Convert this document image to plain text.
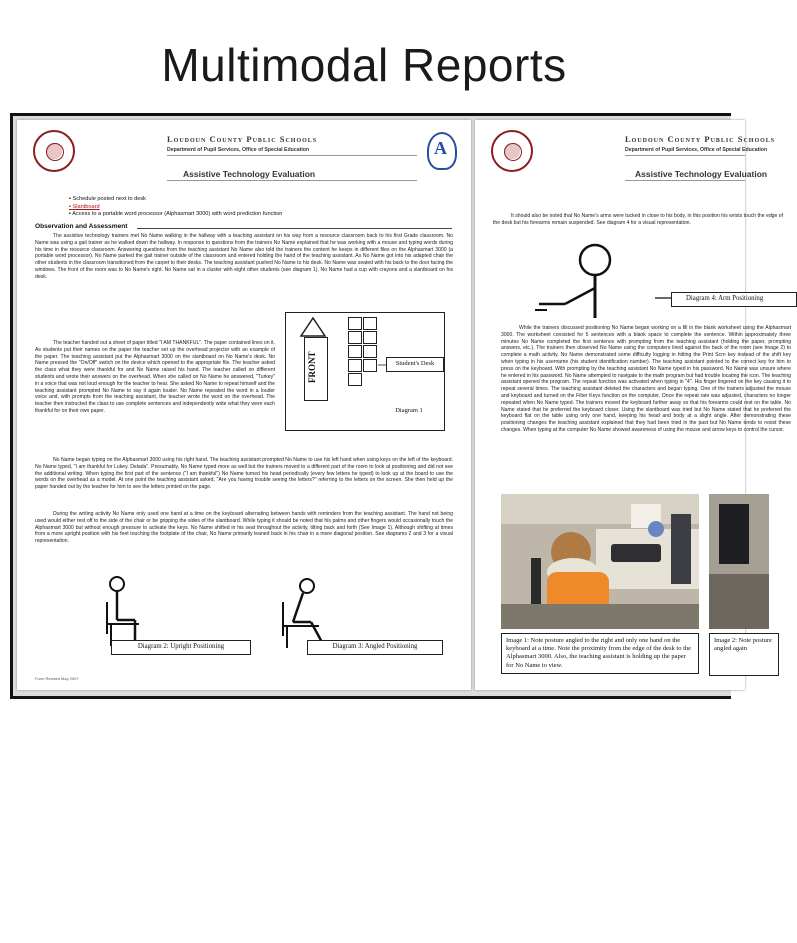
Multimodal Reports
A
Loudoun County Public Schools
Department of Pupil Services, Office of Special Education
Assistive Technology Evaluation
▪ Schedule posted next to desk
▪ Slantboard
▪ Access to a portable word processor (Alphasmart 3000) with word prediction function
Observation and Assessment

The assistive technology trainers met No Name walking in the hallway with a teaching assistant on his way from a resource classroom back to his first Grade classroom. No Name was using a gait trainer as he walked down the hallway. In response to questions from the trainers No Name explained that he was working with a mouse and typing words during his time in the resource classroom. Answering questions from the teaching assistant No Name also told the trainers the content he keeps in different files on the Alphasmart 3000 (a portable word processor). No Name parked the gait trainer outside of the classroom and entered holding the hand of the teaching assistant. As No Name got into his adapted chair the other students in the classroom transitioned from the carpet to their desks. The teaching assistant pushed No Name to his desk. No Name was seated with his back to the door facing the windows. The front of the room was to No Name's right. No Name sat in a cluster with eight other students (see diagram 1). No Name had a cup with crayons and a slantboard on his desk.

The teacher handed out a sheet of paper titled "I AM THANKFUL". The paper contained lines on it. As students put their names on the paper the teacher set up the overhead projector with an example of the paper. The teaching assistant put the Alphasmart 3000 on the slantboard on No Name's desk. No Name pressed the "On/Off" switch on the device which opened to the appropriate file. The teacher asked the class what they were thankful for and No Name raised his hand. The teacher called on different students and wrote their answers on the overhead. When she called on No Name he answered, "Turkey" in a voice that was not loud enough for the teacher to hear. She asked No Name to repeat himself and the teaching assistant prompted No Name to say it again louder. No Name repeated the word in a louder voice and, with prompts from the teaching assistant, the teacher wrote the word on the overhead. The teacher then instructed the class to use complete sentences and independently write what they were each thankful for on their own paper.

FRONT	Student's Desk
Diagram 1

No Name began typing on the Alphasmart 3000 using his right hand. The teaching assistant prompted No Name to use his left hand when using keys on the left of the keyboard. No Name typed, "I am thankful for Lukey. Delada". Presumably, No Name typed more as well but the trainers moved to a different part of the room to look at positioning and did not see the additional writing. When typing the first part of the sentence ("I am thankful") No Name turned his head periodically (every few letters he typed) to look up at the board to use the words on the overhead as a model. At one point the teaching assistant asked, "Are you having trouble seeing the letters?" referring to the letters on the screen. She then held up the paper handed out by the teacher for him to see the letters printed on the page.

During the writing activity No Name only used one hand at a time on the keyboard alternating between hands with reminders from the teaching assistant. The hand not being used would either rest off to the side of the chair or be gripping the sides of the slantboard. While typing it should be noted that his palms and other fingers would occasionally touch the Alphasmart 3000 but without enough pressure to activate the keys. No Name shifted in his seat throughout the activity, tilting back and forth (See Image 1). Although shifting at times from a more upright position with his feet touching the footplate of the chair, No Name primarily leaned back in his chair in a more diagonal position. See diagrams 2 and 3 for a visual representation.

Diagram 2: Upright Positioning	Diagram 3: Angled Positioning
Form Revised May 2007
Loudoun County Public Schools
Department of Pupil Services, Office of Special Education
Assistive Technology Evaluation

It should also be noted that No Name's arms were tucked in close to his body, in this position his wrists touch the edge of the desk but his forearms remain suspended. See diagram 4 for a visual representation.

Diagram 4: Arm Positioning

While the trainers discussed positioning No Name began working on a fill in the blank worksheet using the Alphasmart 3000. The worksheet consisted for 5 sentences with a blank space to complete the sentence. Within approximately three minutes No Name completed the first sentence with prompting from the teaching assistant (holding the paper, prompting answers, etc.). The trainers then observed No Name using the computers lined against the back of the room (see Image 2) to complete a math activity. No Name demonstrated some difficulty logging in hitting the Print Scrn key instead of the shift key when typing in his username (his student identification number). The teaching assistant pointed to the correct key for him to press on the keyboard. With prompting by the teaching assistant No Name typed in his password. No Name was unsure where he entered in his password. No Name attempted to navigate to the math program but had trouble locating the icon. The teaching assistant opened the program. The repeat function was activated when typing in "4". His finger lingered on the key causing it to repeat several times. The teaching assistant deleted the characters and began typing. One of the trainers adjusted the mouse and keyboard and turned on the Filter Keys function on the computer. Once the repeat rate was adjusted, characters no longer repeated when No Name typed. The trainers moved the keyboard further away so that his forearms could rest on the table. No Name stated that he preferred the keyboard closer. Using the slantboard was tried but No Name stated that he preferred the keyboard flat on the table using only one hand, keeping his head and body at a slight angle. After demonstrating these positioning changes the teaching assistant explained that they had been tried in the past but No Name tends to resist these changes. When typing at the computer No Name showed awareness of using the mouse and arrow keys to control the cursor.

Image 1: Note posture angled to the right and only one hand on the keyboard at a time. Note the proximity from the edge of the desk to the Alphasmart 3000. Also, the teaching assistant is holding up the paper for No Name to view.

Image 2: Note posture angled again
